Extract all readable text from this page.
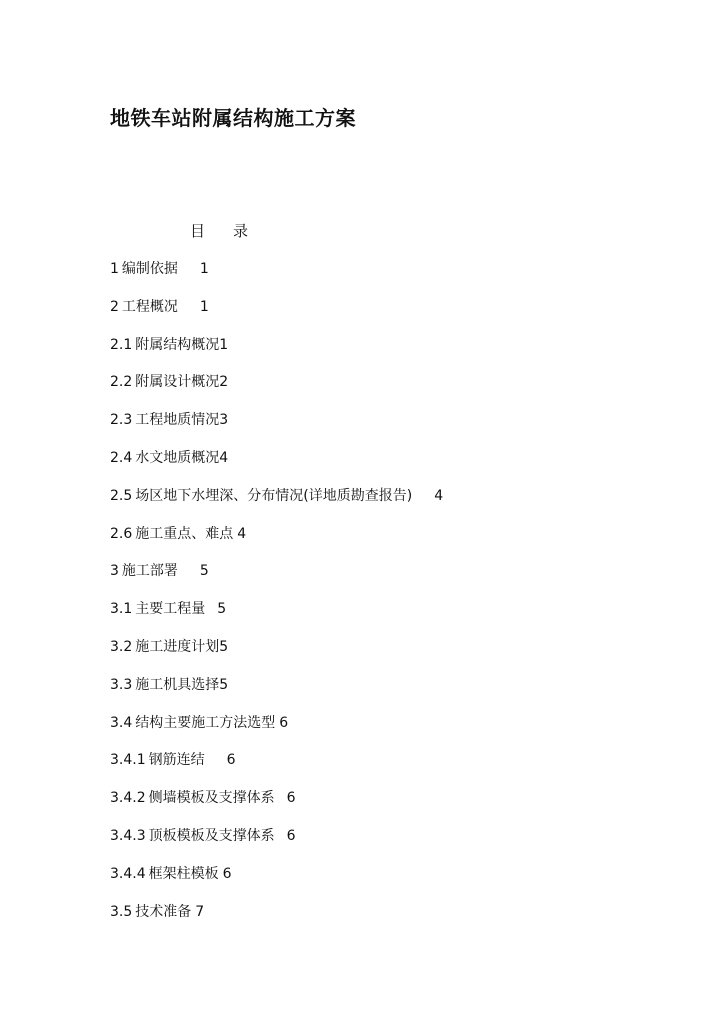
地铁车站附属结构施工方案
目 录
1 编制依据 1
2 工程概况 1
2.1 附属结构概况1
2.2 附属设计概况2
2.3 工程地质情况3
2.4 水文地质概况4
2.5 场区地下水埋深、分布情况(详地质勘查报告) 4
2.6 施工重点、难点 4
3 施工部署 5
3.1 主要工程量 5
3.2 施工进度计划5
3.3 施工机具选择5
3.4 结构主要施工方法选型 6
3.4.1 钢筋连结 6
3.4.2 侧墙模板及支撑体系 6
3.4.3 顶板模板及支撑体系 6
3.4.4 框架柱模板 6
3.5 技术准备 7
